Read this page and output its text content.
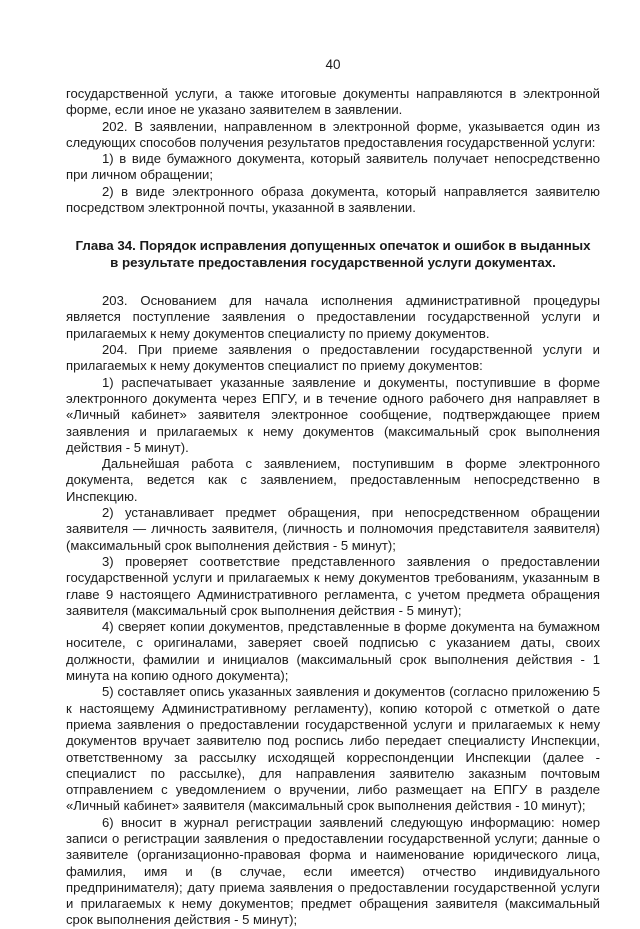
40

государственной услуги, а также итоговые документы направляются в электронной форме, если иное не указано заявителем в заявлении.

202. В заявлении, направленном в электронной форме, указывается один из следующих способов получения результатов предоставления государственной услуги:

1) в виде бумажного документа, который заявитель получает непосредственно при личном обращении;

2) в виде электронного образа документа, который направляется заявителю посредством электронной почты, указанной в заявлении.

Глава 34. Порядок исправления допущенных опечаток и ошибок в выданных в результате предоставления государственной услуги документах.

203. Основанием для начала исполнения административной процедуры является поступление заявления о предоставлении государственной услуги и прилагаемых к нему документов специалисту по приему документов.

204. При приеме заявления о предоставлении государственной услуги и прилагаемых к нему документов специалист по приему документов:

1) распечатывает указанные заявление и документы, поступившие в форме электронного документа через ЕПГУ, и в течение одного рабочего дня направляет в «Личный кабинет» заявителя электронное сообщение, подтверждающее прием заявления и прилагаемых к нему документов (максимальный срок выполнения действия - 5 минут).

Дальнейшая работа с заявлением, поступившим в форме электронного документа, ведется как с заявлением, предоставленным непосредственно в Инспекцию.

2) устанавливает предмет обращения, при непосредственном обращении заявителя — личность заявителя, (личность и полномочия представителя заявителя) (максимальный срок выполнения действия - 5 минут);

3) проверяет соответствие представленного заявления о предоставлении государственной услуги и прилагаемых к нему документов требованиям, указанным в главе 9 настоящего Административного регламента, с учетом предмета обращения заявителя (максимальный срок выполнения действия - 5 минут);

4) сверяет копии документов, представленные в форме документа на бумажном носителе, с оригиналами, заверяет своей подписью с указанием даты, своих должности, фамилии и инициалов (максимальный срок выполнения действия - 1 минута на копию одного документа);

5) составляет опись указанных заявления и документов (согласно приложению 5 к настоящему Административному регламенту), копию которой с отметкой о дате приема заявления о предоставлении государственной услуги и прилагаемых к нему документов вручает заявителю под роспись либо передает специалисту Инспекции, ответственному за рассылку исходящей корреспонденции Инспекции (далее - специалист по рассылке), для направления заявителю заказным почтовым отправлением с уведомлением о вручении, либо размещает на ЕПГУ в разделе «Личный кабинет» заявителя (максимальный срок выполнения действия - 10 минут);

6) вносит в журнал регистрации заявлений следующую информацию: номер записи о регистрации заявления о предоставлении государственной услуги; данные о заявителе (организационно-правовая форма и наименование юридического лица, фамилия, имя и (в случае, если имеется) отчество индивидуального предпринимателя); дату приема заявления о предоставлении государственной услуги и прилагаемых к нему документов; предмет обращения заявителя (максимальный срок выполнения действия - 5 минут);
